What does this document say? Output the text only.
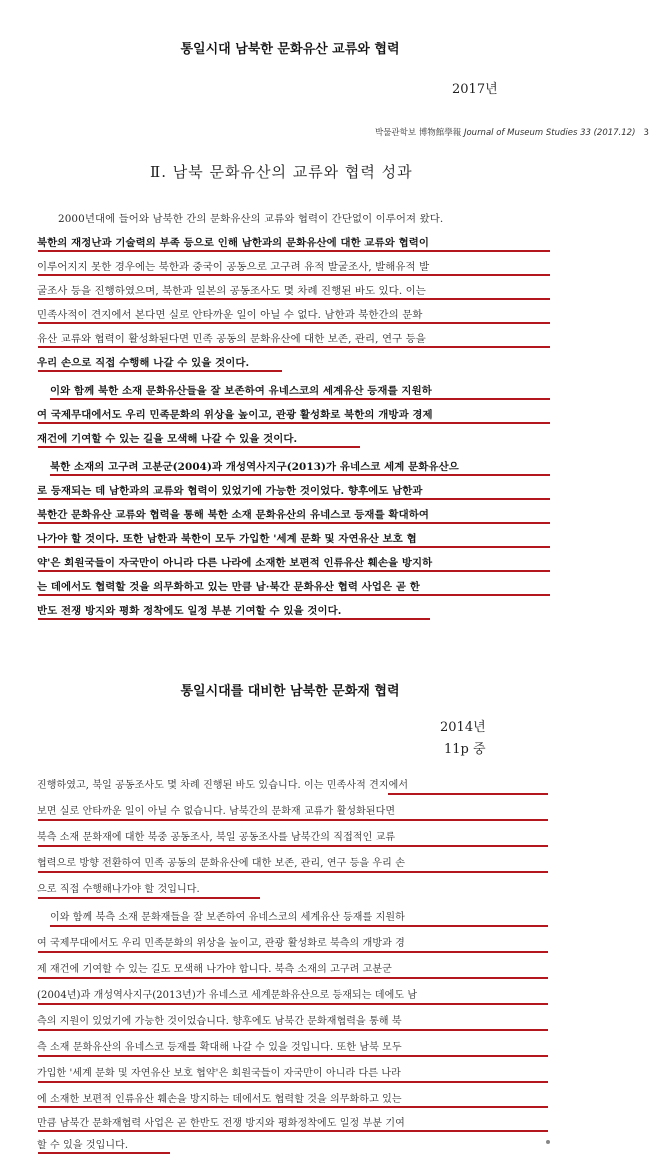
통일시대 남북한 문화유산 교류와 협력
2017년
박물관학보 博物館學報 Journal of Museum Studies 33 (2017.12) 3
Ⅱ. 남북 문화유산의 교류와 협력 성과
2000년대에 들어와 남북한 간의 문화유산의 교류와 협력이 간단없이 이루어져 왔다.
북한의 재정난과 기술력의 부족 등으로 인해 남한과의 문화유산에 대한 교류와 협력이
이루어지지 못한 경우에는 북한과 중국이 공동으로 고구려 유적 발굴조사, 발해유적 발
굴조사 등을 진행하였으며, 북한과 일본의 공동조사도 몇 차례 진행된 바도 있다. 이는
민족사적이 견지에서 본다면 실로 안타까운 일이 아닐 수 없다. 남한과 북한간의 문화
유산 교류와 협력이 활성화된다면 민족 공동의 문화유산에 대한 보존, 관리, 연구 등을
우리 손으로 직접 수행해 나갈 수 있을 것이다.
이와 함께 북한 소재 문화유산들을 잘 보존하여 유네스코의 세계유산 등재를 지원하
여 국제무대에서도 우리 민족문화의 위상을 높이고, 관광 활성화로 북한의 개방과 경제
재건에 기여할 수 있는 길을 모색해 나갈 수 있을 것이다.
북한 소재의 고구려 고분군(2004)과 개성역사지구(2013)가 유네스코 세계 문화유산으
로 등재되는 데 남한과의 교류와 협력이 있었기에 가능한 것이었다. 향후에도 남한과
북한간 문화유산 교류와 협력을 통해 북한 소재 문화유산의 유네스코 등재를 확대하여
나가야 할 것이다. 또한 남한과 북한이 모두 가입한 '세계 문화 및 자연유산 보호 협
약'은 회원국들이 자국만이 아니라 다른 나라에 소재한 보편적 인류유산 훼손을 방지하
는 데에서도 협력할 것을 의무화하고 있는 만큼 남·북간 문화유산 협력 사업은 곧 한
반도 전쟁 방지와 평화 정착에도 일정 부분 기여할 수 있을 것이다.
통일시대를 대비한 남북한 문화재 협력
2014년
11p 중
진행하였고, 북일 공동조사도 몇 차례 진행된 바도 있습니다. 이는 민족사적 견지에서
보면 실로 안타까운 일이 아닐 수 없습니다. 남북간의 문화재 교류가 활성화된다면
북측 소재 문화재에 대한 북중 공동조사, 북일 공동조사를 남북간의 직접적인 교류
협력으로 방향 전환하여 민족 공동의 문화유산에 대한 보존, 관리, 연구 등을 우리 손
으로 직접 수행해나가야 할 것입니다.
이와 함께 북측 소재 문화재들을 잘 보존하여 유네스코의 세계유산 등재를 지원하
여 국제무대에서도 우리 민족문화의 위상을 높이고, 관광 활성화로 북측의 개방과 경
제 재건에 기여할 수 있는 길도 모색해 나가야 합니다. 북측 소재의 고구려 고분군
(2004년)과 개성역사지구(2013년)가 유네스코 세계문화유산으로 등재되는 데에도 남
측의 지원이 있었기에 가능한 것이었습니다. 향후에도 남북간 문화재협력을 통해 북
측 소재 문화유산의 유네스코 등재를 확대해 나갈 수 있을 것입니다. 또한 남북 모두
가입한 '세계 문화 및 자연유산 보호 협약'은 회원국들이 자국만이 아니라 다른 나라
에 소재한 보편적 인류유산 훼손을 방지하는 데에서도 협력할 것을 의무화하고 있는
만큼 남북간 문화재협력 사업은 곧 한반도 전쟁 방지와 평화정착에도 일정 부분 기여
할 수 있을 것입니다.
